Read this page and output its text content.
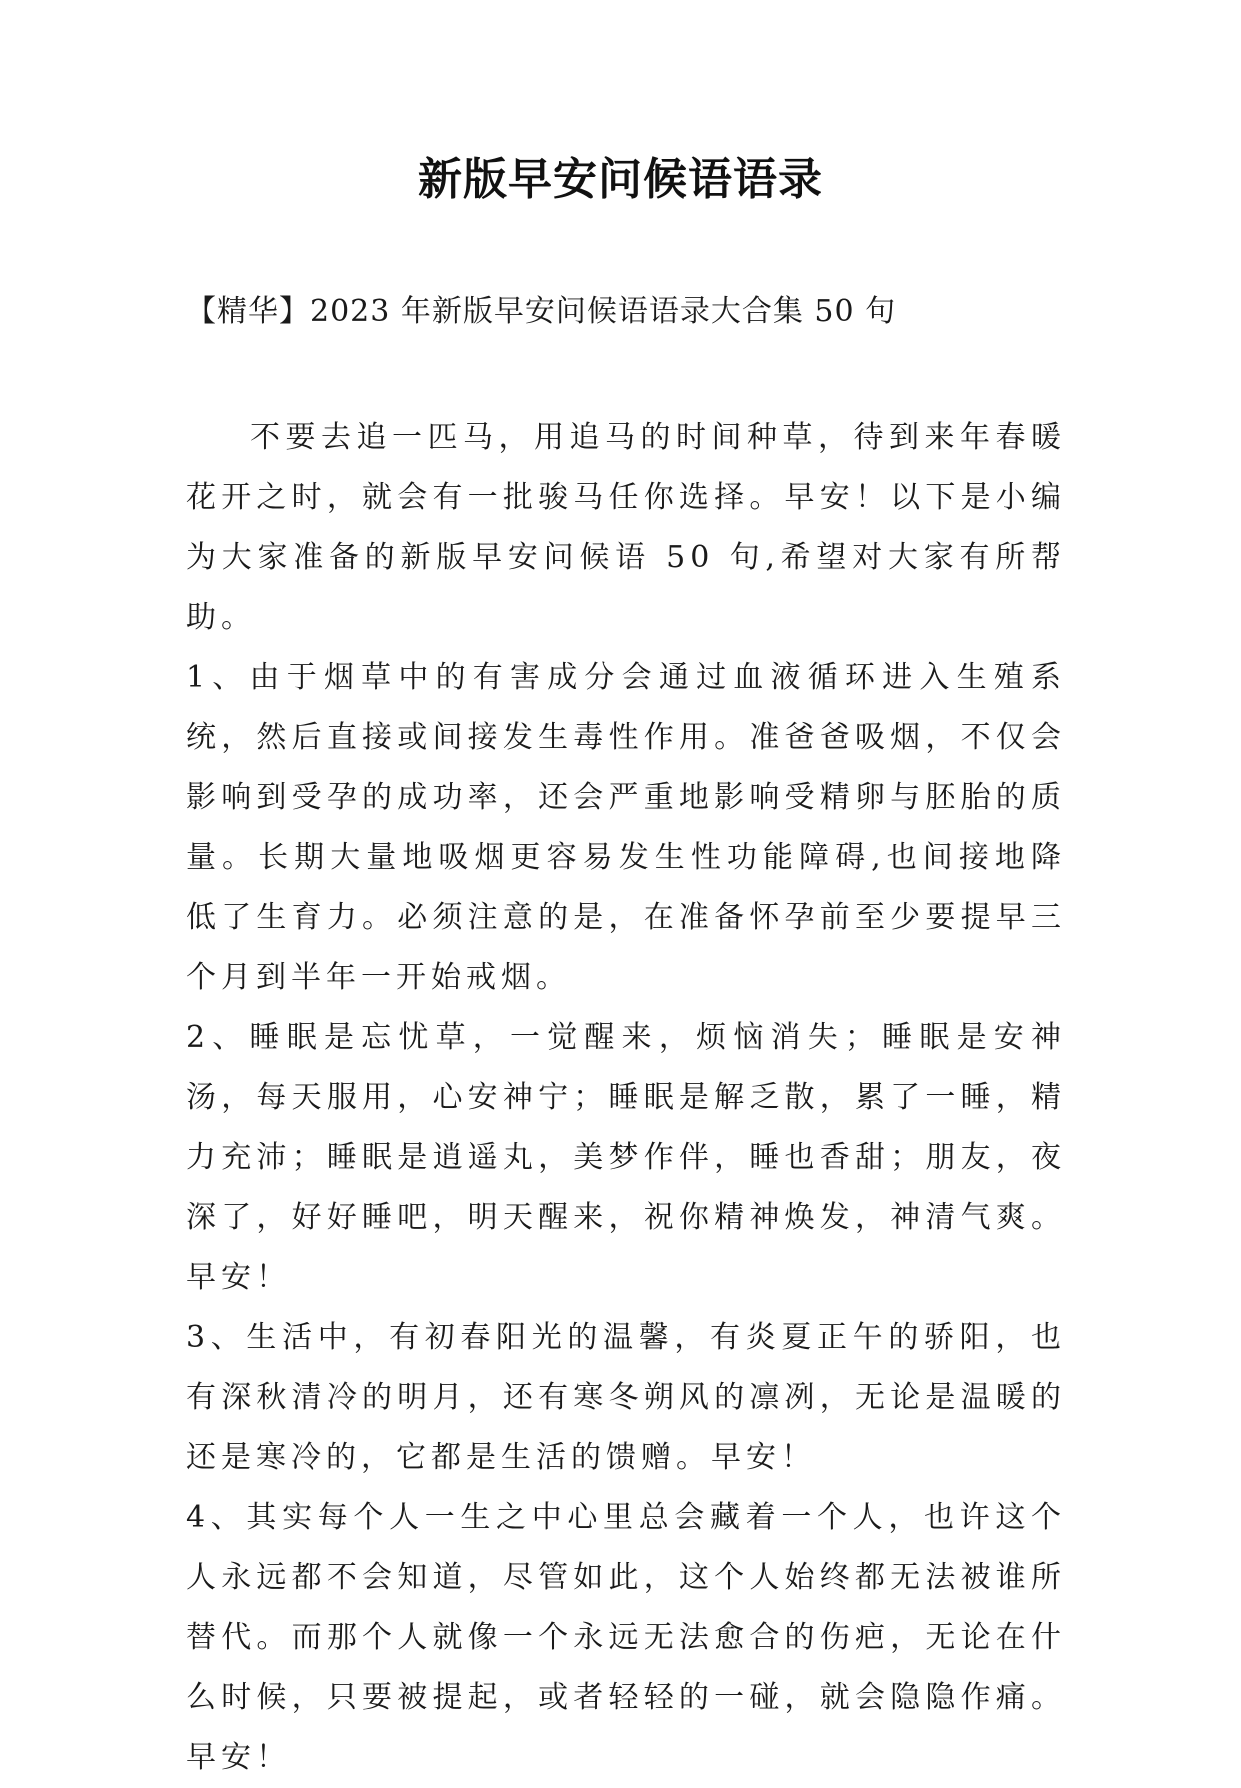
新版早安问候语语录
【精华】2023 年新版早安问候语语录大合集 50 句

不要去追一匹马，用追马的时间种草，待到来年春暖花开之时，就会有一批骏马任你选择。早安！以下是小编为大家准备的新版早安问候语 50 句,希望对大家有所帮助。

1、由于烟草中的有害成分会通过血液循环进入生殖系统，然后直接或间接发生毒性作用。准爸爸吸烟，不仅会影响到受孕的成功率，还会严重地影响受精卵与胚胎的质量。长期大量地吸烟更容易发生性功能障碍,也间接地降低了生育力。必须注意的是，在准备怀孕前至少要提早三个月到半年一开始戒烟。

2、睡眠是忘忧草，一觉醒来，烦恼消失；睡眠是安神汤，每天服用，心安神宁；睡眠是解乏散，累了一睡，精力充沛；睡眠是逍遥丸，美梦作伴，睡也香甜；朋友，夜深了，好好睡吧，明天醒来，祝你精神焕发，神清气爽。早安！

3、生活中，有初春阳光的温馨，有炎夏正午的骄阳，也有深秋清冷的明月，还有寒冬朔风的凛冽，无论是温暖的还是寒冷的，它都是生活的馈赠。早安！

4、其实每个人一生之中心里总会藏着一个人，也许这个人永远都不会知道，尽管如此，这个人始终都无法被谁所替代。而那个人就像一个永远无法愈合的伤疤，无论在什么时候，只要被提起，或者轻轻的一碰，就会隐隐作痛。早安！
